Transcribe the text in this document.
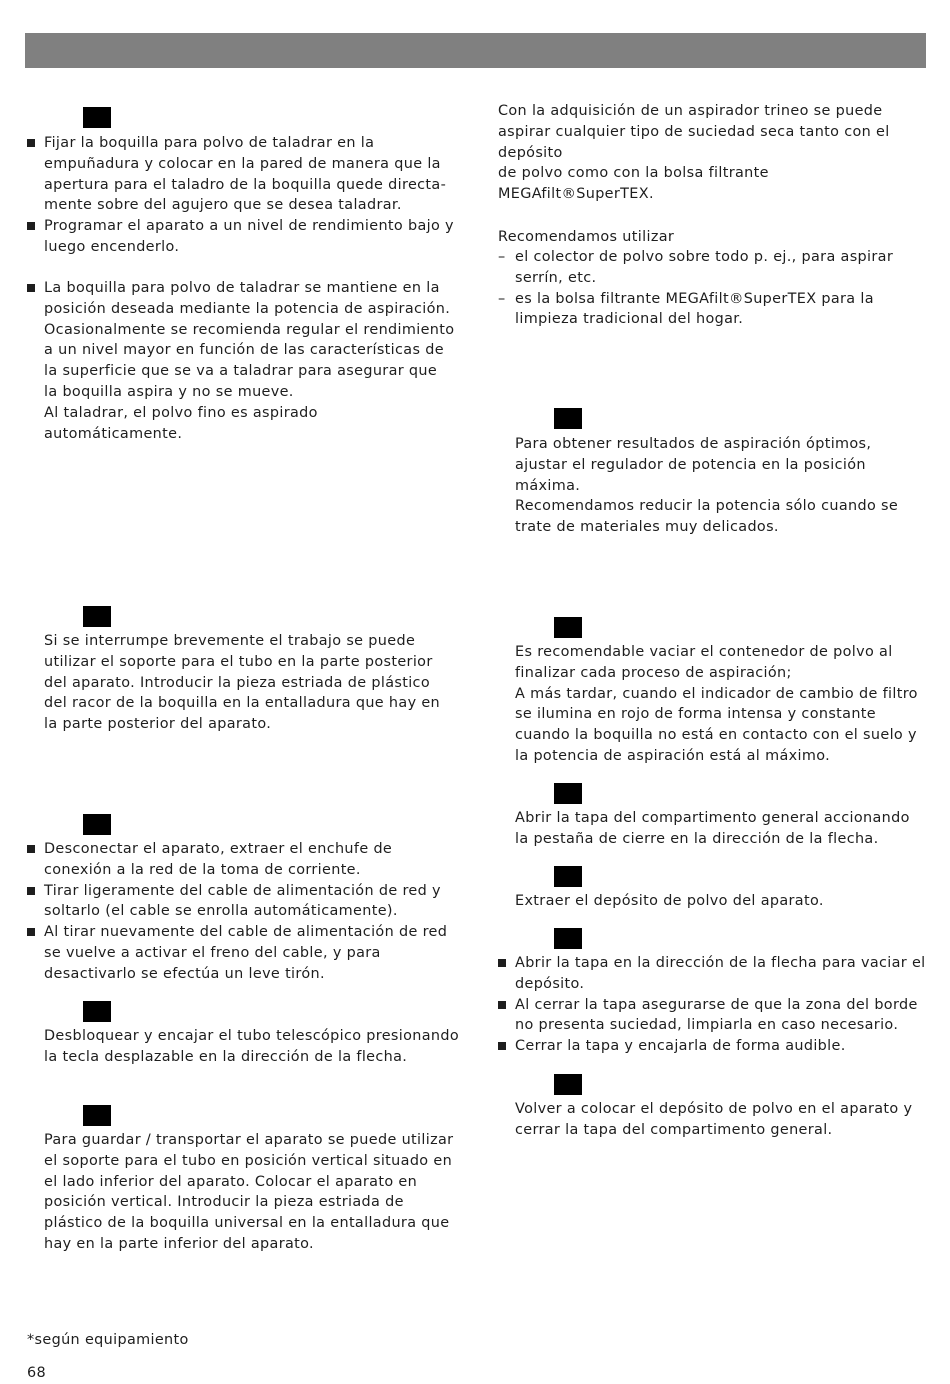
Fijar la boquilla para polvo de taladrar en la empuñadura y colocar en la pared de manera que la apertura para el taladro de la boquilla quede directa-
mente sobre del agujero que se desea taladrar.
Programar el aparato a un nivel de rendimiento bajo y luego encenderlo.
La boquilla para polvo de taladrar se mantiene en la posición deseada mediante la potencia de aspiración.
Ocasionalmente se recomienda regular el rendimiento a un nivel mayor en función de las características de la superficie que se va a taladrar para asegurar que la boquilla aspira y no se mueve.
Al taladrar, el polvo fino es aspirado automáticamente.

Si se interrumpe brevemente el trabajo se puede utilizar el soporte para el tubo en la parte posterior del aparato. Introducir la pieza estriada de plástico del racor de la boquilla en la entalladura que hay en la parte posterior del aparato.

Desconectar el aparato, extraer el enchufe de conexión a la red de la toma de corriente.
Tirar ligeramente del cable de alimentación de red y soltarlo (el cable se enrolla automáticamente).
Al tirar nuevamente del cable de alimentación de red se vuelve a activar el freno del cable, y para desactivarlo se efectúa un leve tirón.

Desbloquear y encajar el tubo telescópico presionando la tecla desplazable en la dirección de la flecha.

Para guardar / transportar el aparato se puede utilizar el soporte para el tubo en posición vertical situado en el lado inferior del aparato. Colocar el aparato en posición vertical. Introducir la pieza estriada de plástico de la boquilla universal en la entalladura que hay en la parte inferior del aparato.

Con la adquisición de un aspirador trineo se puede aspirar cualquier tipo de suciedad seca tanto con el depósito
de polvo como con la bolsa filtrante MEGAfilt®SuperTEX.

Recomendamos utilizar

– el colector de polvo sobre todo p. ej., para aspirar serrín, etc.
– es la bolsa filtrante MEGAfilt®SuperTEX para la limpieza tradicional del hogar.

Para obtener resultados de aspiración óptimos, ajustar el regulador de potencia en la posición máxima.
Recomendamos reducir la potencia sólo cuando se trate de materiales muy delicados.

Es recomendable vaciar el contenedor de polvo al finalizar cada proceso de aspiración;
A más tardar, cuando el indicador de cambio de filtro se ilumina en rojo de forma intensa y constante cuando la boquilla no está en contacto con el suelo y la potencia de aspiración está al máximo.

Abrir la tapa del compartimento general accionando la pestaña de cierre en la dirección de la flecha.

Extraer el depósito de polvo del aparato.

Abrir la tapa en la dirección de la flecha para vaciar el depósito.
Al cerrar la tapa asegurarse de que la zona del borde no presenta suciedad, limpiarla en caso necesario.
Cerrar la tapa y encajarla de forma audible.

Volver a colocar el depósito de polvo en el aparato y cerrar la tapa del compartimento general.

*según equipamiento
68
